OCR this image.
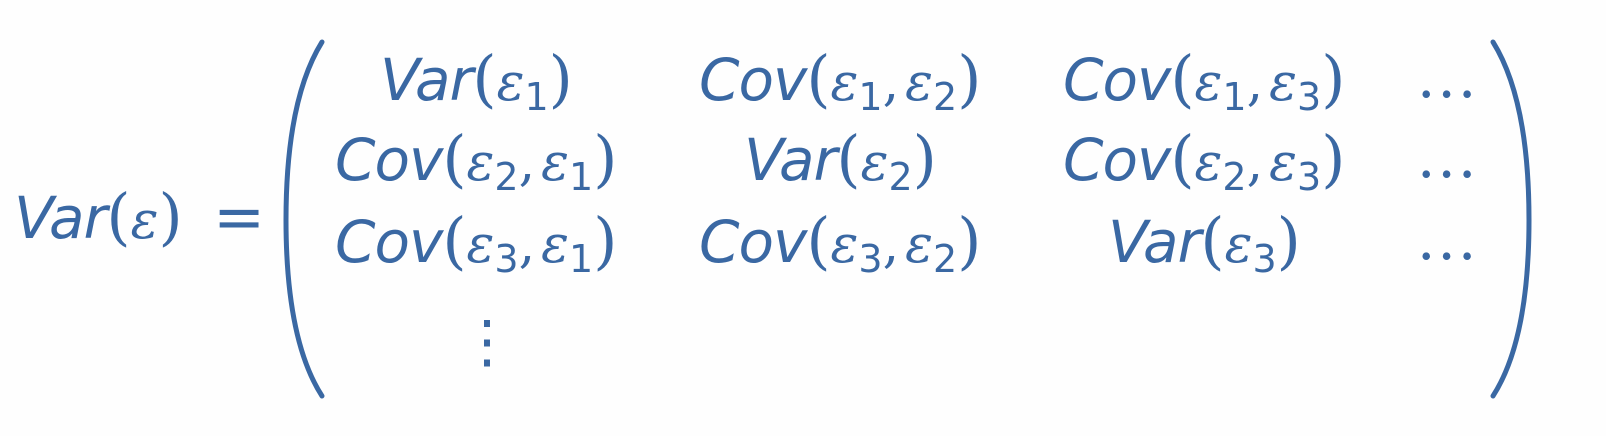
Var(ε) =
Var(ε1) Cov(ε1, ε2) Cov(ε1, ε3) ...
Cov(ε2, ε1) Var(ε2) Cov(ε2, ε3) ...
Cov(ε3, ε1) Cov(ε3, ε2) Var(ε3) ...
⋮
